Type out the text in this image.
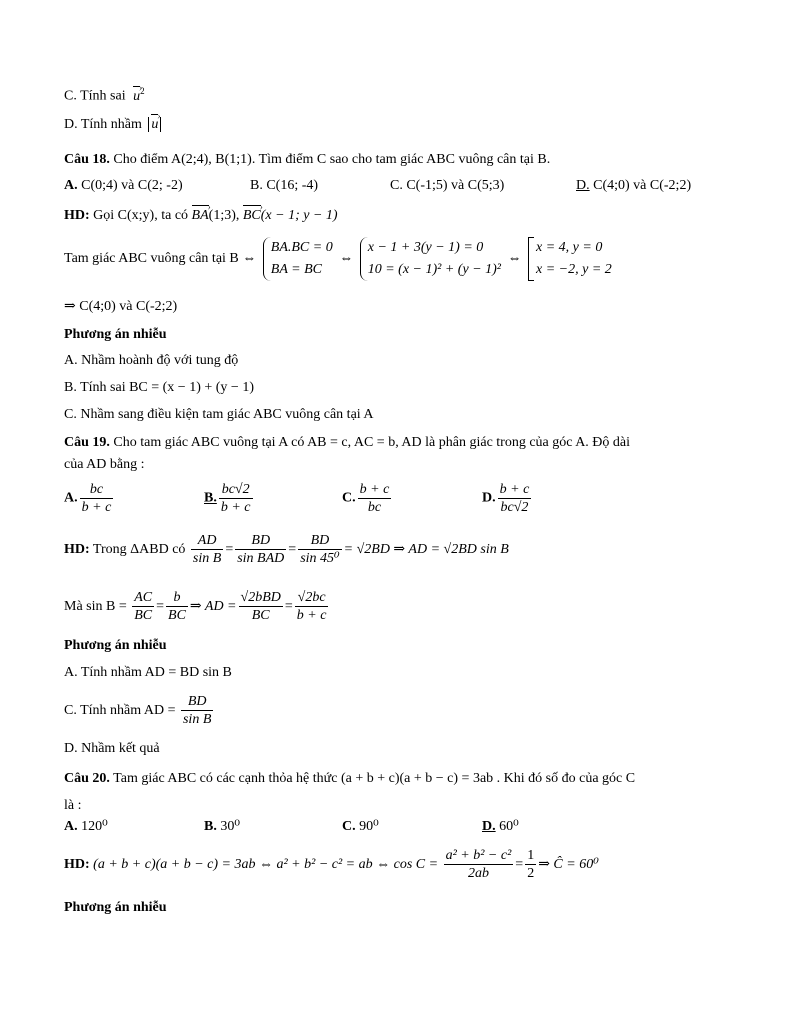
C. Tính sai u ›$^2$
D. Tính nhầm u ›
Câu 18. Cho điểm A(2;4), B(1;1). Tìm điểm C sao cho tam giác ABC vuông cân tại B.
A. C(0;4) và C(2; -2)	B. C(16; -4)	C. C(-1;5) và C(5;3)	D. C(4;0) và C(-2;2)
HD: Gọi C(x;y), ta có BA ›(1;3), BC ›(x − 1; y − 1)
Tam giác ABC vuông cân tại B ⇔
BA.BC = 0
BA = BC
⇔
x − 1 + 3(y − 1) = 0
10 = (x − 1)² + (y − 1)²
⇔
x = 4, y = 0
x = −2, y = 2
⇒ C(4;0) và C(-2;2)
Phương án nhiễu
A. Nhầm hoành độ với tung độ
B. Tính sai BC = (x − 1) + (y − 1)
C. Nhầm sang điều kiện tam giác ABC vuông cân tại A
Câu 19. Cho tam giác ABC vuông tại A có AB = c, AC = b, AD là phân giác trong của góc A. Độ dài
của AD bằng :
A. $\frac{bc}{b + c}$	B. $\frac{bc√2}{b + c}$	C. $\frac{b + c}{bc}$	D. $\frac{b + c}{bc√2}$
HD: Trong ΔABD có $\frac{AD}{\text{sin B}} = \frac{BD}{\text{sin BAD}} = \frac{BD}{\text{sin 45⁰}} = √2BD$ ⇒ AD = √2BD sin B
Mà $\sin B = \frac{AC}{BC} = \frac{b}{BC}$ ⇒ AD = $\frac{\text{√2bBD}}{BC} = \frac{√2bc}{b + c}$
Phương án nhiễu
A. Tính nhầm AD = BD sin B
C. Tính nhầm AD = $\frac{BD}{\text{sin B}}$
D. Nhầm kết quả
Câu 20. Tam giác ABC có các cạnh thỏa hệ thức (a + b + c)(a + b − c) = 3ab . Khi đó số đo của góc C
là :
A. 120⁰	B. 30⁰	C. 90⁰	D. 60⁰
HD: (a + b + c)(a + b − c) = 3ab ⇔ a² + b² − c² = ab ⇔ $\cos C = \frac{\text{a² + b² − c²}}{2ab} = \frac{1}{2}$ ⇒ Ĉ = 60⁰
Phương án nhiễu
